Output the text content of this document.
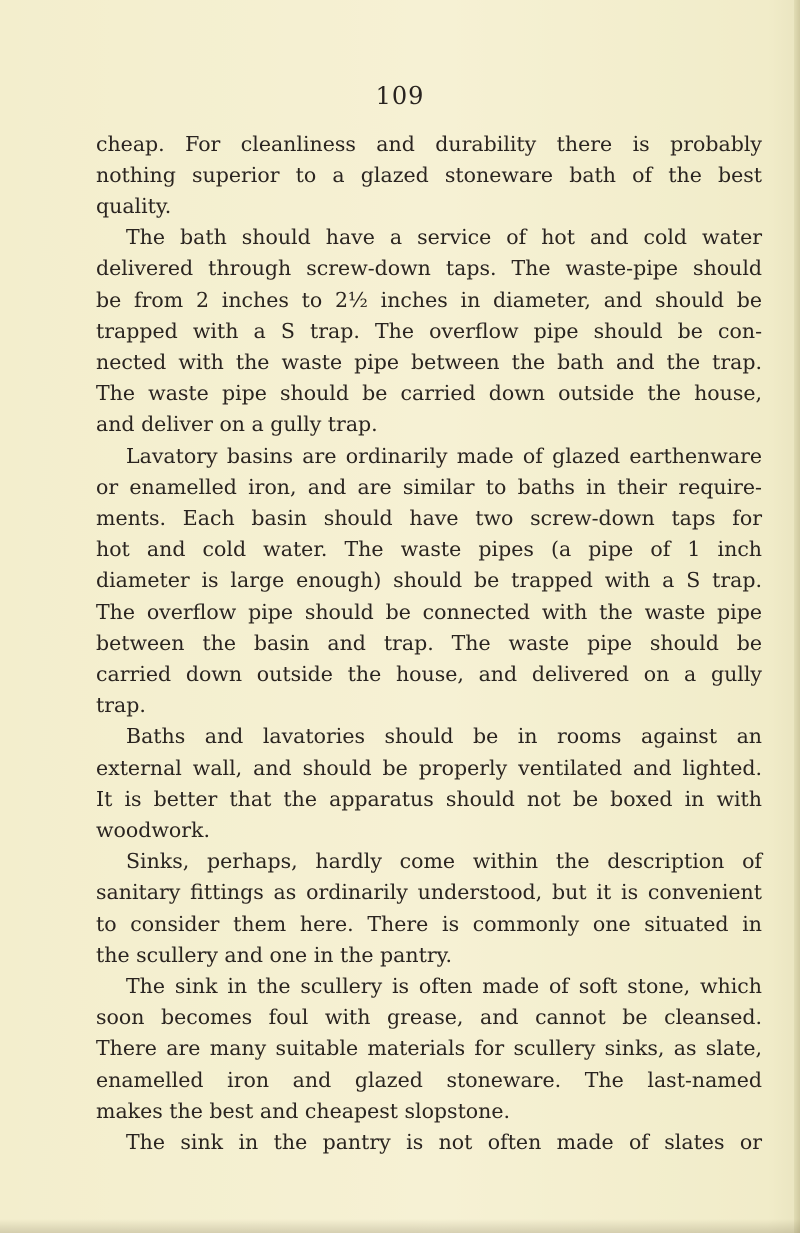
109
cheap. For cleanliness and durability there is probably
nothing superior to a glazed stoneware bath of the best
quality.
The bath should have a service of hot and cold water
delivered through screw-down taps. The waste-pipe should
be from 2 inches to 2½ inches in diameter, and should be
trapped with a S trap. The overflow pipe should be con-
nected with the waste pipe between the bath and the trap.
The waste pipe should be carried down outside the house,
and deliver on a gully trap.
Lavatory basins are ordinarily made of glazed earthenware
or enamelled iron, and are similar to baths in their require-
ments. Each basin should have two screw-down taps for
hot and cold water. The waste pipes (a pipe of 1 inch
diameter is large enough) should be trapped with a S trap.
The overflow pipe should be connected with the waste pipe
between the basin and trap. The waste pipe should be
carried down outside the house, and delivered on a gully
trap.
Baths and lavatories should be in rooms against an
external wall, and should be properly ventilated and lighted.
It is better that the apparatus should not be boxed in with
woodwork.
Sinks, perhaps, hardly come within the description of
sanitary fittings as ordinarily understood, but it is convenient
to consider them here. There is commonly one situated in
the scullery and one in the pantry.
The sink in the scullery is often made of soft stone, which
soon becomes foul with grease, and cannot be cleansed.
There are many suitable materials for scullery sinks, as slate,
enamelled iron and glazed stoneware. The last-named
makes the best and cheapest slopstone.
The sink in the pantry is not often made of slates or
